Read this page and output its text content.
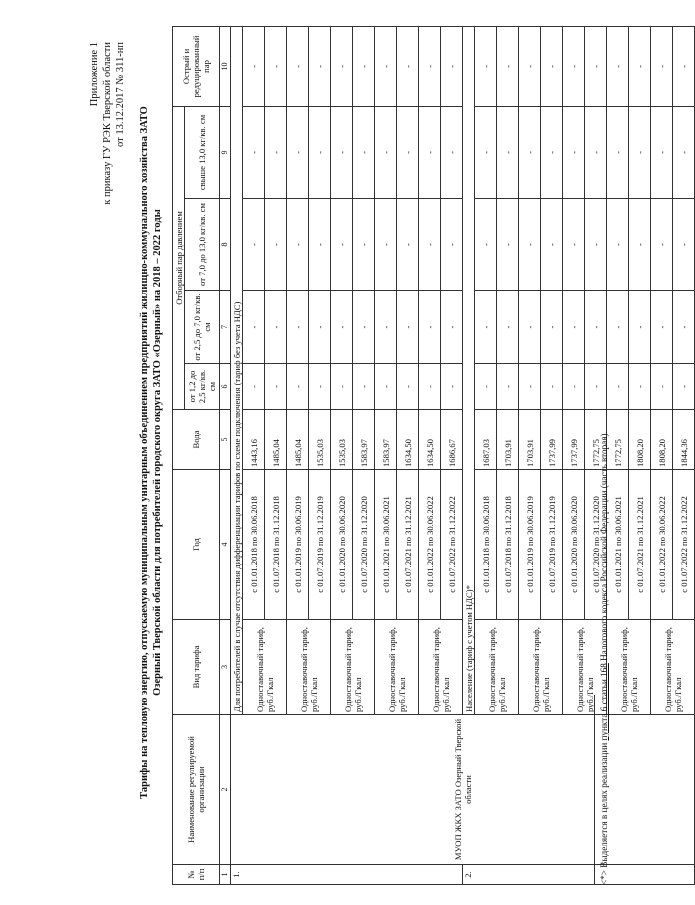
Приложение 1 к приказу ГУ РЭК Тверской области от 13.12.2017 № 311-нп
Тарифы на тепловую энергию, отпускаемую муниципальным унитарным объединением предприятий жилищно-коммунального хозяйства ЗАТО Озерный Тверской области для потребителей городского округа ЗАТО «Озерный» на 2018 – 2022 годы
№ п/п	Наименование регулируемой организации	Вид тарифа	Год	Вода	Отборный пар давлением				Острый и редуцированный пар
					от 1,2 до 2,5 кг/кв. см	от 2,5 до 7,0 кг/кв. см	от 7,0 до 13,0 кг/кв. см	свыше 13,0 кг/кв. см	
1	2	3	4	5	6	7	8	9	10
1.	МУОП ЖКХ ЗАТО Озерный Тверской области	Для потребителей в случае отсутствия дифференциации тарифов по схеме подключения (тариф без учета НДС)							
		Одноставочный тариф, руб./Гкал	с 01.01.2018 по 30.06.2018	1443,16	-	-	-	-	-
			с 01.07.2018 по 31.12.2018	1485,04	-	-	-	-	-
		Одноставочный тариф, руб./Гкал	с 01.01.2019 по 30.06.2019	1485,04	-	-	-	-	-
			с 01.07.2019 по 31.12.2019	1535,03	-	-	-	-	-
		Одноставочный тариф, руб./Гкал	с 01.01.2020 по 30.06.2020	1535,03	-	-	-	-	-
			с 01.07.2020 по 31.12.2020	1583,97	-	-	-	-	-
		Одноставочный тариф, руб./Гкал	с 01.01.2021 по 30.06.2021	1583,97	-	-	-	-	-
			с 01.07.2021 по 31.12.2021	1634,50	-	-	-	-	-
		Одноставочный тариф, руб./Гкал	с 01.01.2022 по 30.06.2022	1634,50	-	-	-	-	-
			с 01.07.2022 по 31.12.2022	1686,67	-	-	-	-	-
2.		Население (тариф с учетом НДС)*							
		Одноставочный тариф, руб./Гкал	с 01.01.2018 по 30.06.2018	1687,03	-	-	-	-	-
			с 01.07.2018 по 31.12.2018	1703,91	-	-	-	-	-
		Одноставочный тариф, руб./Гкал	с 01.01.2019 по 30.06.2019	1703,91	-	-	-	-	-
			с 01.07.2019 по 31.12.2019	1737,99	-	-	-	-	-
		Одноставочный тариф, руб./Гкал	с 01.01.2020 по 30.06.2020	1737,99	-	-	-	-	-
			с 01.07.2020 по 31.12.2020	1772,75	-	-	-	-	-
		Одноставочный тариф, руб./Гкал	с 01.01.2021 по 30.06.2021	1772,75	-	-	-	-	-
			с 01.07.2021 по 31.12.2021	1808,20	-	-	-	-	-
		Одноставочный тариф, руб./Гкал	с 01.01.2022 по 30.06.2022	1808,20	-	-	-	-	-
			с 01.07.2022 по 31.12.2022	1844,36	-	-	-	-	-
<*> Выделяется в целях реализации пункта 6 статьи 168 Налогового кодекса Российской Федерации (часть вторая).
